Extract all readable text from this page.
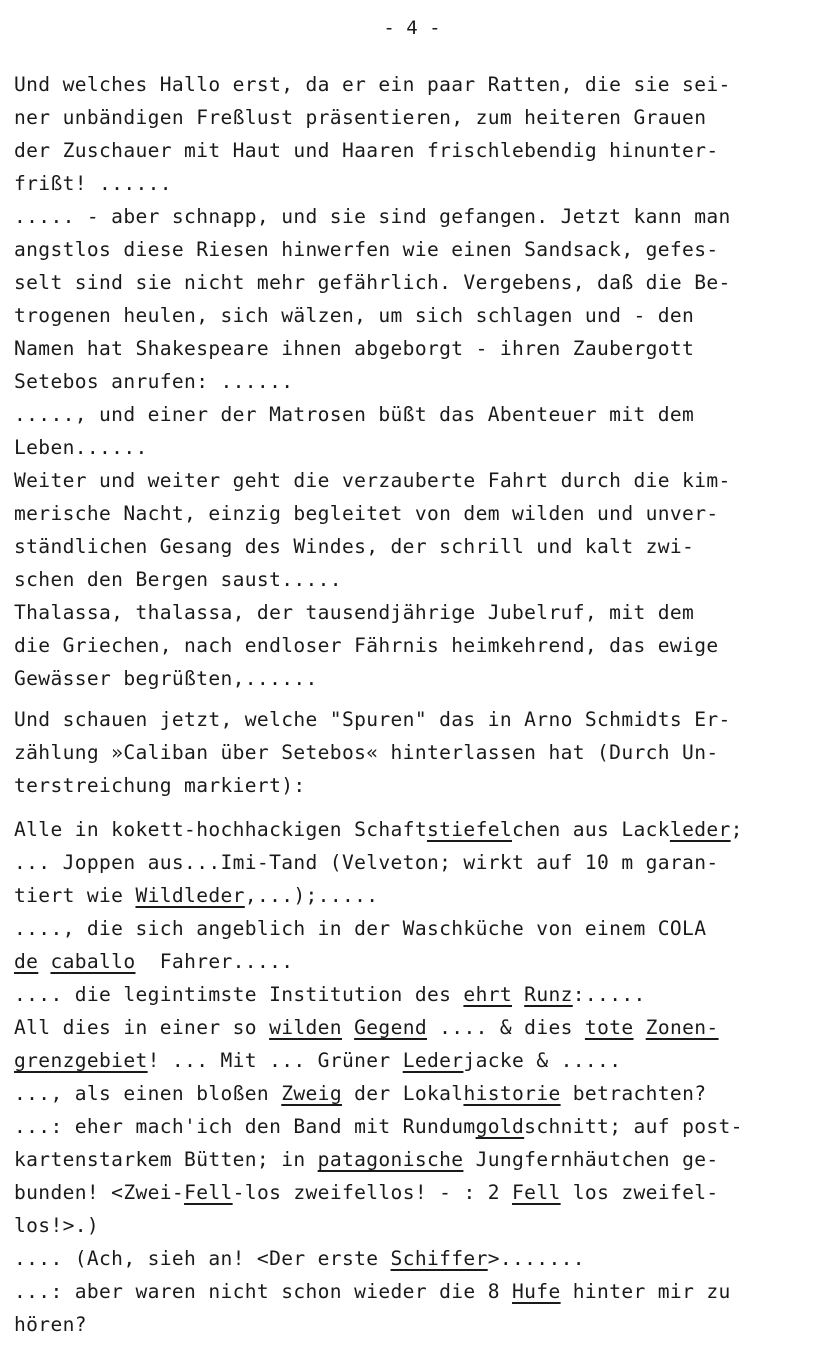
- 4 -
Und welches Hallo erst, da er ein paar Ratten, die sie sei-
ner unbändigen Freßlust präsentieren, zum heiteren Grauen
der Zuschauer mit Haut und Haaren frischlebendig hinunter-
frißt! ......
..... - aber schnapp, und sie sind gefangen. Jetzt kann man
angstlos diese Riesen hinwerfen wie einen Sandsack, gefes-
selt sind sie nicht mehr gefährlich. Vergebens, daß die Be-
trogenen heulen, sich wälzen, um sich schlagen und - den
Namen hat Shakespeare ihnen abgeborgt - ihren Zaubergott
Setebos anrufen: ......
....., und einer der Matrosen büßt das Abenteuer mit dem
Leben......
Weiter und weiter geht die verzauberte Fahrt durch die kim-
merische Nacht, einzig begleitet von dem wilden und unver-
ständlichen Gesang des Windes, der schrill und kalt zwi-
schen den Bergen saust.....
Thalassa, thalassa, der tausendjährige Jubelruf, mit dem
die Griechen, nach endloser Fährnis heimkehrend, das ewige
Gewässer begrüßten,......
Und schauen jetzt, welche "Spuren" das in Arno Schmidts Er-
zählung »Caliban über Setebos« hinterlassen hat (Durch Un-
terstreichung markiert):
Alle in kokett-hochhackigen Schaftstiefelchen aus Lackleder;
... Joppen aus...Imi-Tand (Velveton; wirkt auf 10 m garan-
tiert wie Wildleder,...);.....
...., die sich angeblich in der Waschküche von einem COLA
de caballo  Fahrer.....
.... die legintimste Institution des ehrt Runz:.....
All dies in einer so wilden Gegend .... & dies tote Zonen-
grenzgebiet! ... Mit ... Grüner Lederjacke & .....
..., als einen bloßen Zweig der Lokalhistorie betrachten?
...: eher mach'ich den Band mit Rundumgoldschnitt; auf post-
kartenstarkem Bütten; in patagonische Jungfernhäutchen ge-
bunden! <Zwei-Fell-los zweifellos! - : 2 Fell los zweifel-
los!>.)
.... (Ach, sieh an! <Der erste Schiffer>.......
...: aber waren nicht schon wieder die 8 Hufe hinter mir zu
hören?
